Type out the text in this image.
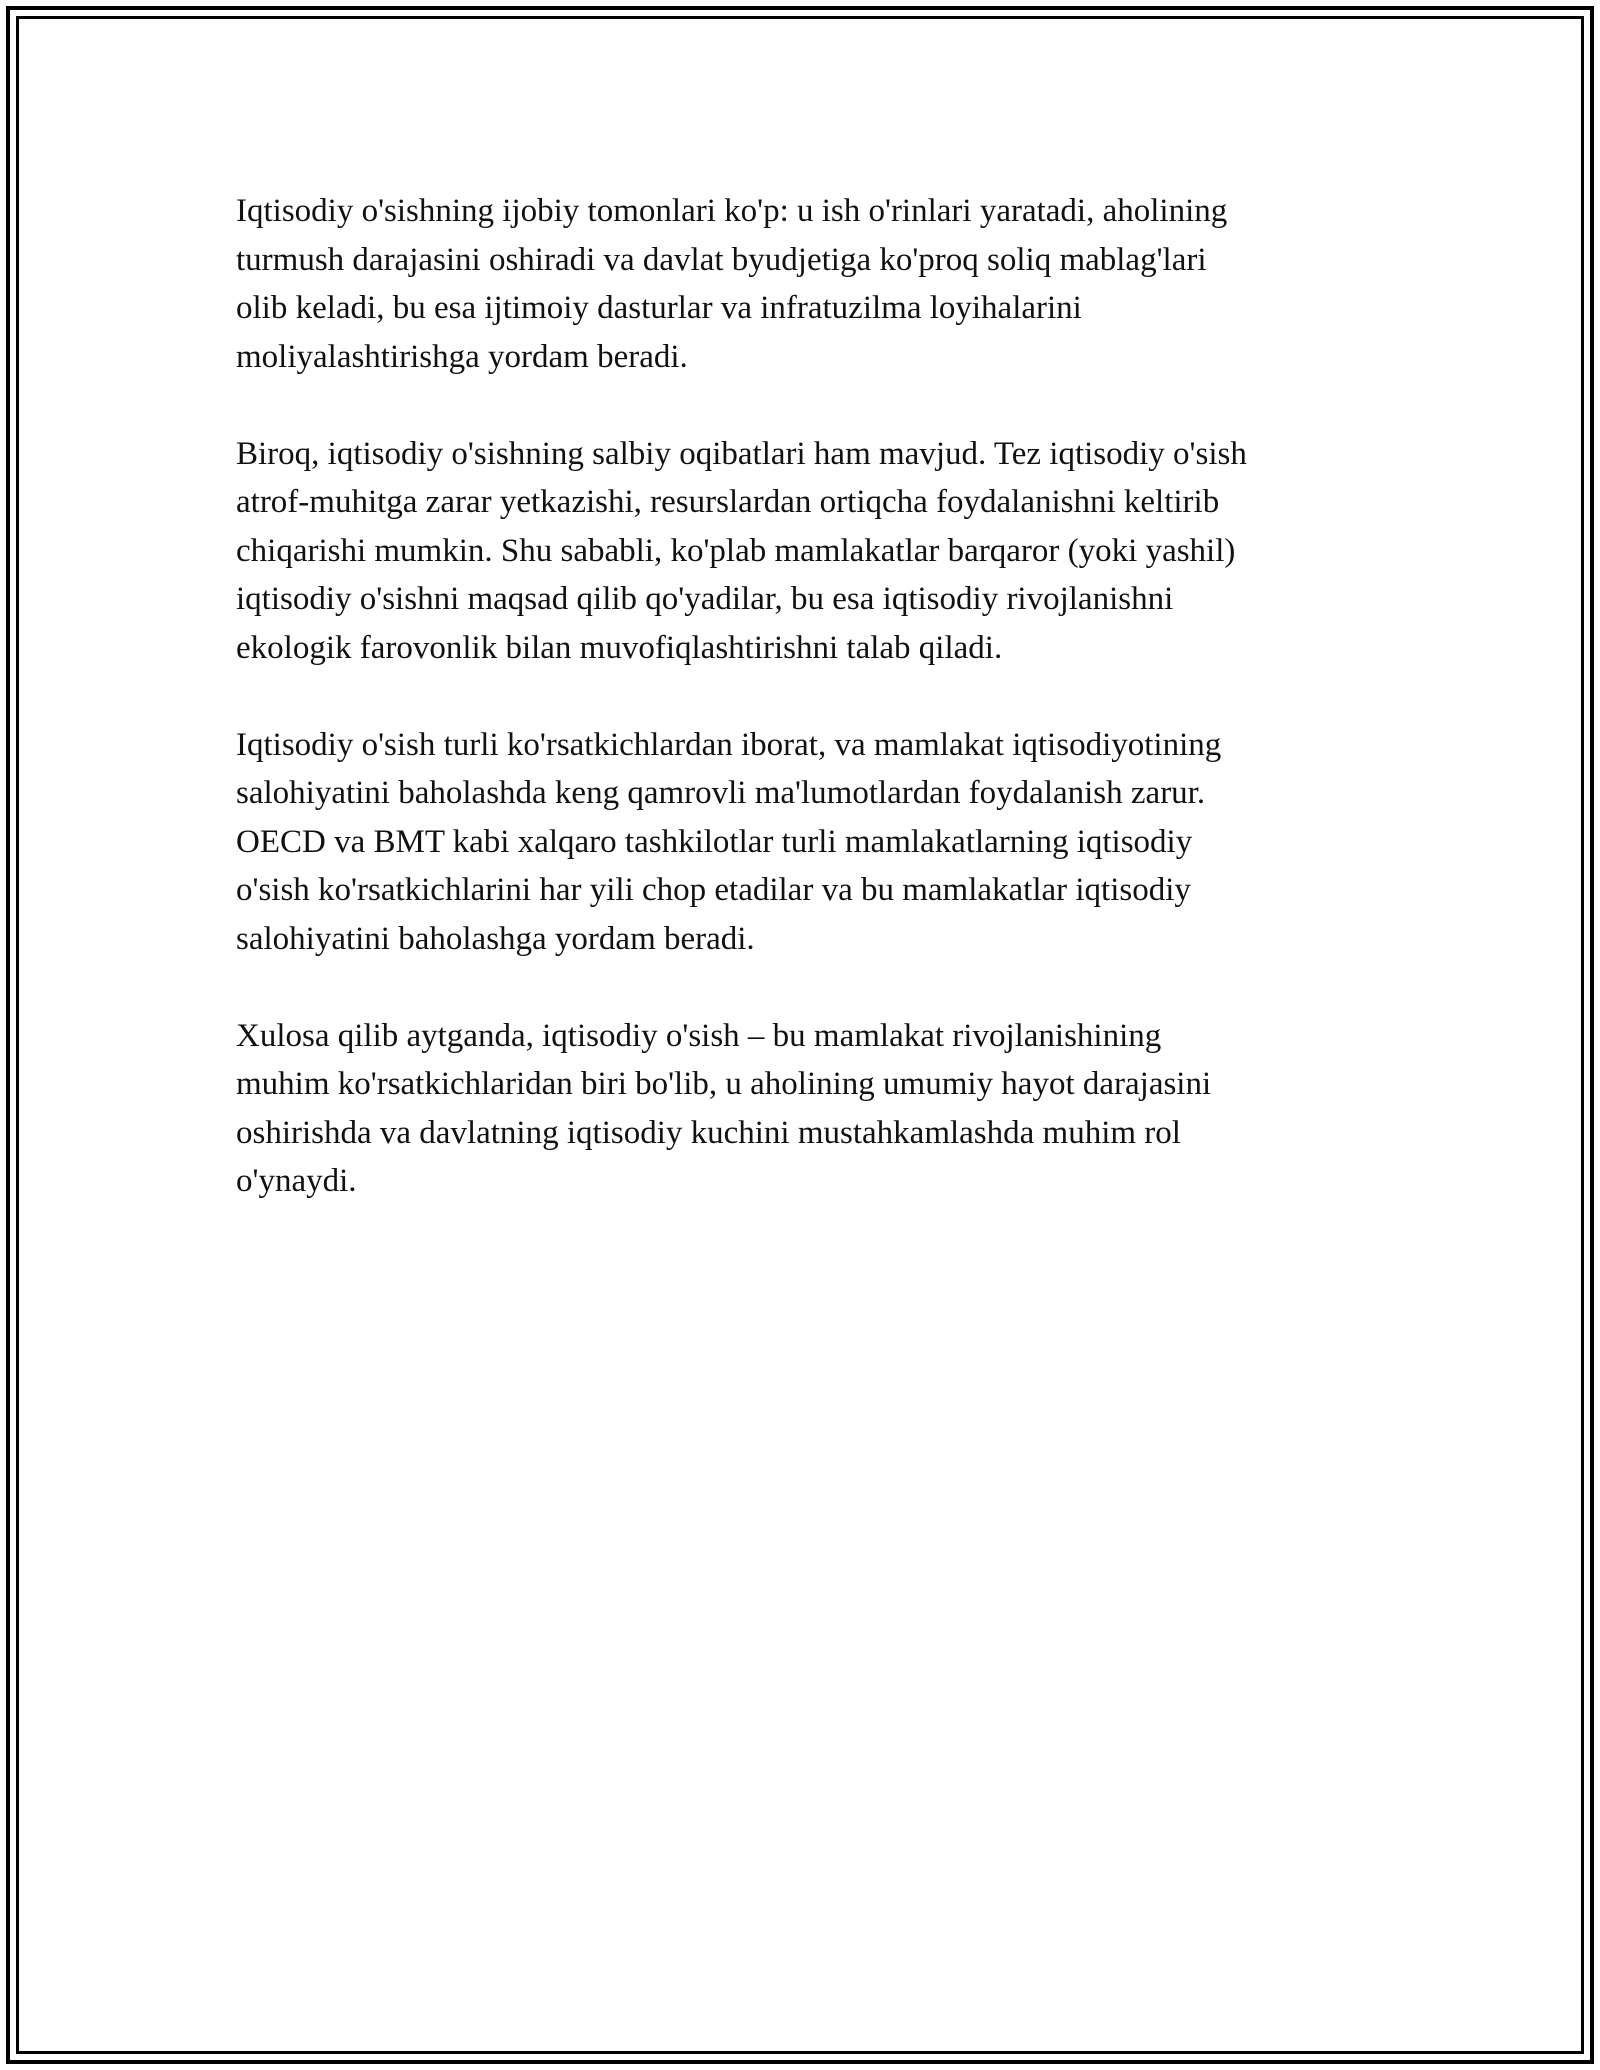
Iqtisodiy o'sishning ijobiy tomonlari ko'p: u ish o'rinlari yaratadi, aholining
turmush darajasini oshiradi va davlat byudjetiga ko'proq soliq mablag'lari
olib keladi, bu esa ijtimoiy dasturlar va infratuzilma loyihalarini
moliyalashtirishga yordam beradi.
Biroq, iqtisodiy o'sishning salbiy oqibatlari ham mavjud. Tez iqtisodiy o'sish
atrof-muhitga zarar yetkazishi, resurslardan ortiqcha foydalanishni keltirib
chiqarishi mumkin. Shu sababli, ko'plab mamlakatlar barqaror (yoki yashil)
iqtisodiy o'sishni maqsad qilib qo'yadilar, bu esa iqtisodiy rivojlanishni
ekologik farovonlik bilan muvofiqlashtirishni talab qiladi.
Iqtisodiy o'sish turli ko'rsatkichlardan iborat, va mamlakat iqtisodiyotining
salohiyatini baholashda keng qamrovli ma'lumotlardan foydalanish zarur.
OECD va BMT kabi xalqaro tashkilotlar turli mamlakatlarning iqtisodiy
o'sish ko'rsatkichlarini har yili chop etadilar va bu mamlakatlar iqtisodiy
salohiyatini baholashga yordam beradi.
Xulosa qilib aytganda, iqtisodiy o'sish – bu mamlakat rivojlanishining
muhim ko'rsatkichlaridan biri bo'lib, u aholining umumiy hayot darajasini
oshirishda va davlatning iqtisodiy kuchini mustahkamlashda muhim rol
o'ynaydi.
